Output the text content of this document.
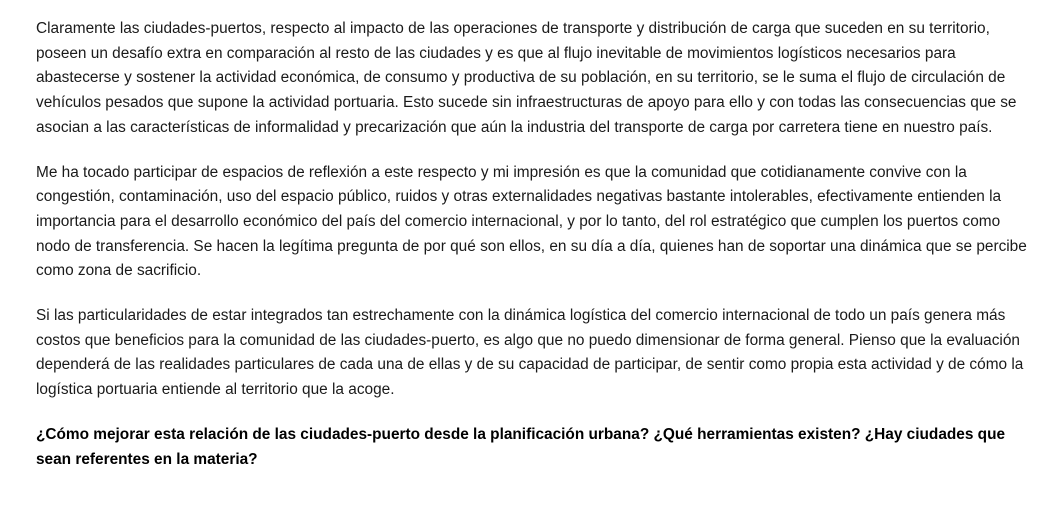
Claramente las ciudades-puertos, respecto al impacto de las operaciones de transporte y distribución de carga que suceden en su territorio, poseen un desafío extra en comparación al resto de las ciudades y es que al flujo inevitable de movimientos logísticos necesarios para abastecerse y sostener la actividad económica, de consumo y productiva de su población, en su territorio, se le suma el flujo de circulación de vehículos pesados que supone la actividad portuaria. Esto sucede sin infraestructuras de apoyo para ello y con todas las consecuencias que se asocian a las características de informalidad y precarización que aún la industria del transporte de carga por carretera tiene en nuestro país.

Me ha tocado participar de espacios de reflexión a este respecto y mi impresión es que la comunidad que cotidianamente convive con la congestión, contaminación, uso del espacio público, ruidos y otras externalidades negativas bastante intolerables, efectivamente entienden la importancia para el desarrollo económico del país del comercio internacional, y por lo tanto, del rol estratégico que cumplen los puertos como nodo de transferencia. Se hacen la legítima pregunta de por qué son ellos, en su día a día, quienes han de soportar una dinámica que se percibe como zona de sacrificio.

Si las particularidades de estar integrados tan estrechamente con la dinámica logística del comercio internacional de todo un país genera más costos que beneficios para la comunidad de las ciudades-puerto, es algo que no puedo dimensionar de forma general. Pienso que la evaluación dependerá de las realidades particulares de cada una de ellas y de su capacidad de participar, de sentir como propia esta actividad y de cómo la logística portuaria entiende al territorio que la acoge.

¿Cómo mejorar esta relación de las ciudades-puerto desde la planificación urbana? ¿Qué herramientas existen? ¿Hay ciudades que sean referentes en la materia?
